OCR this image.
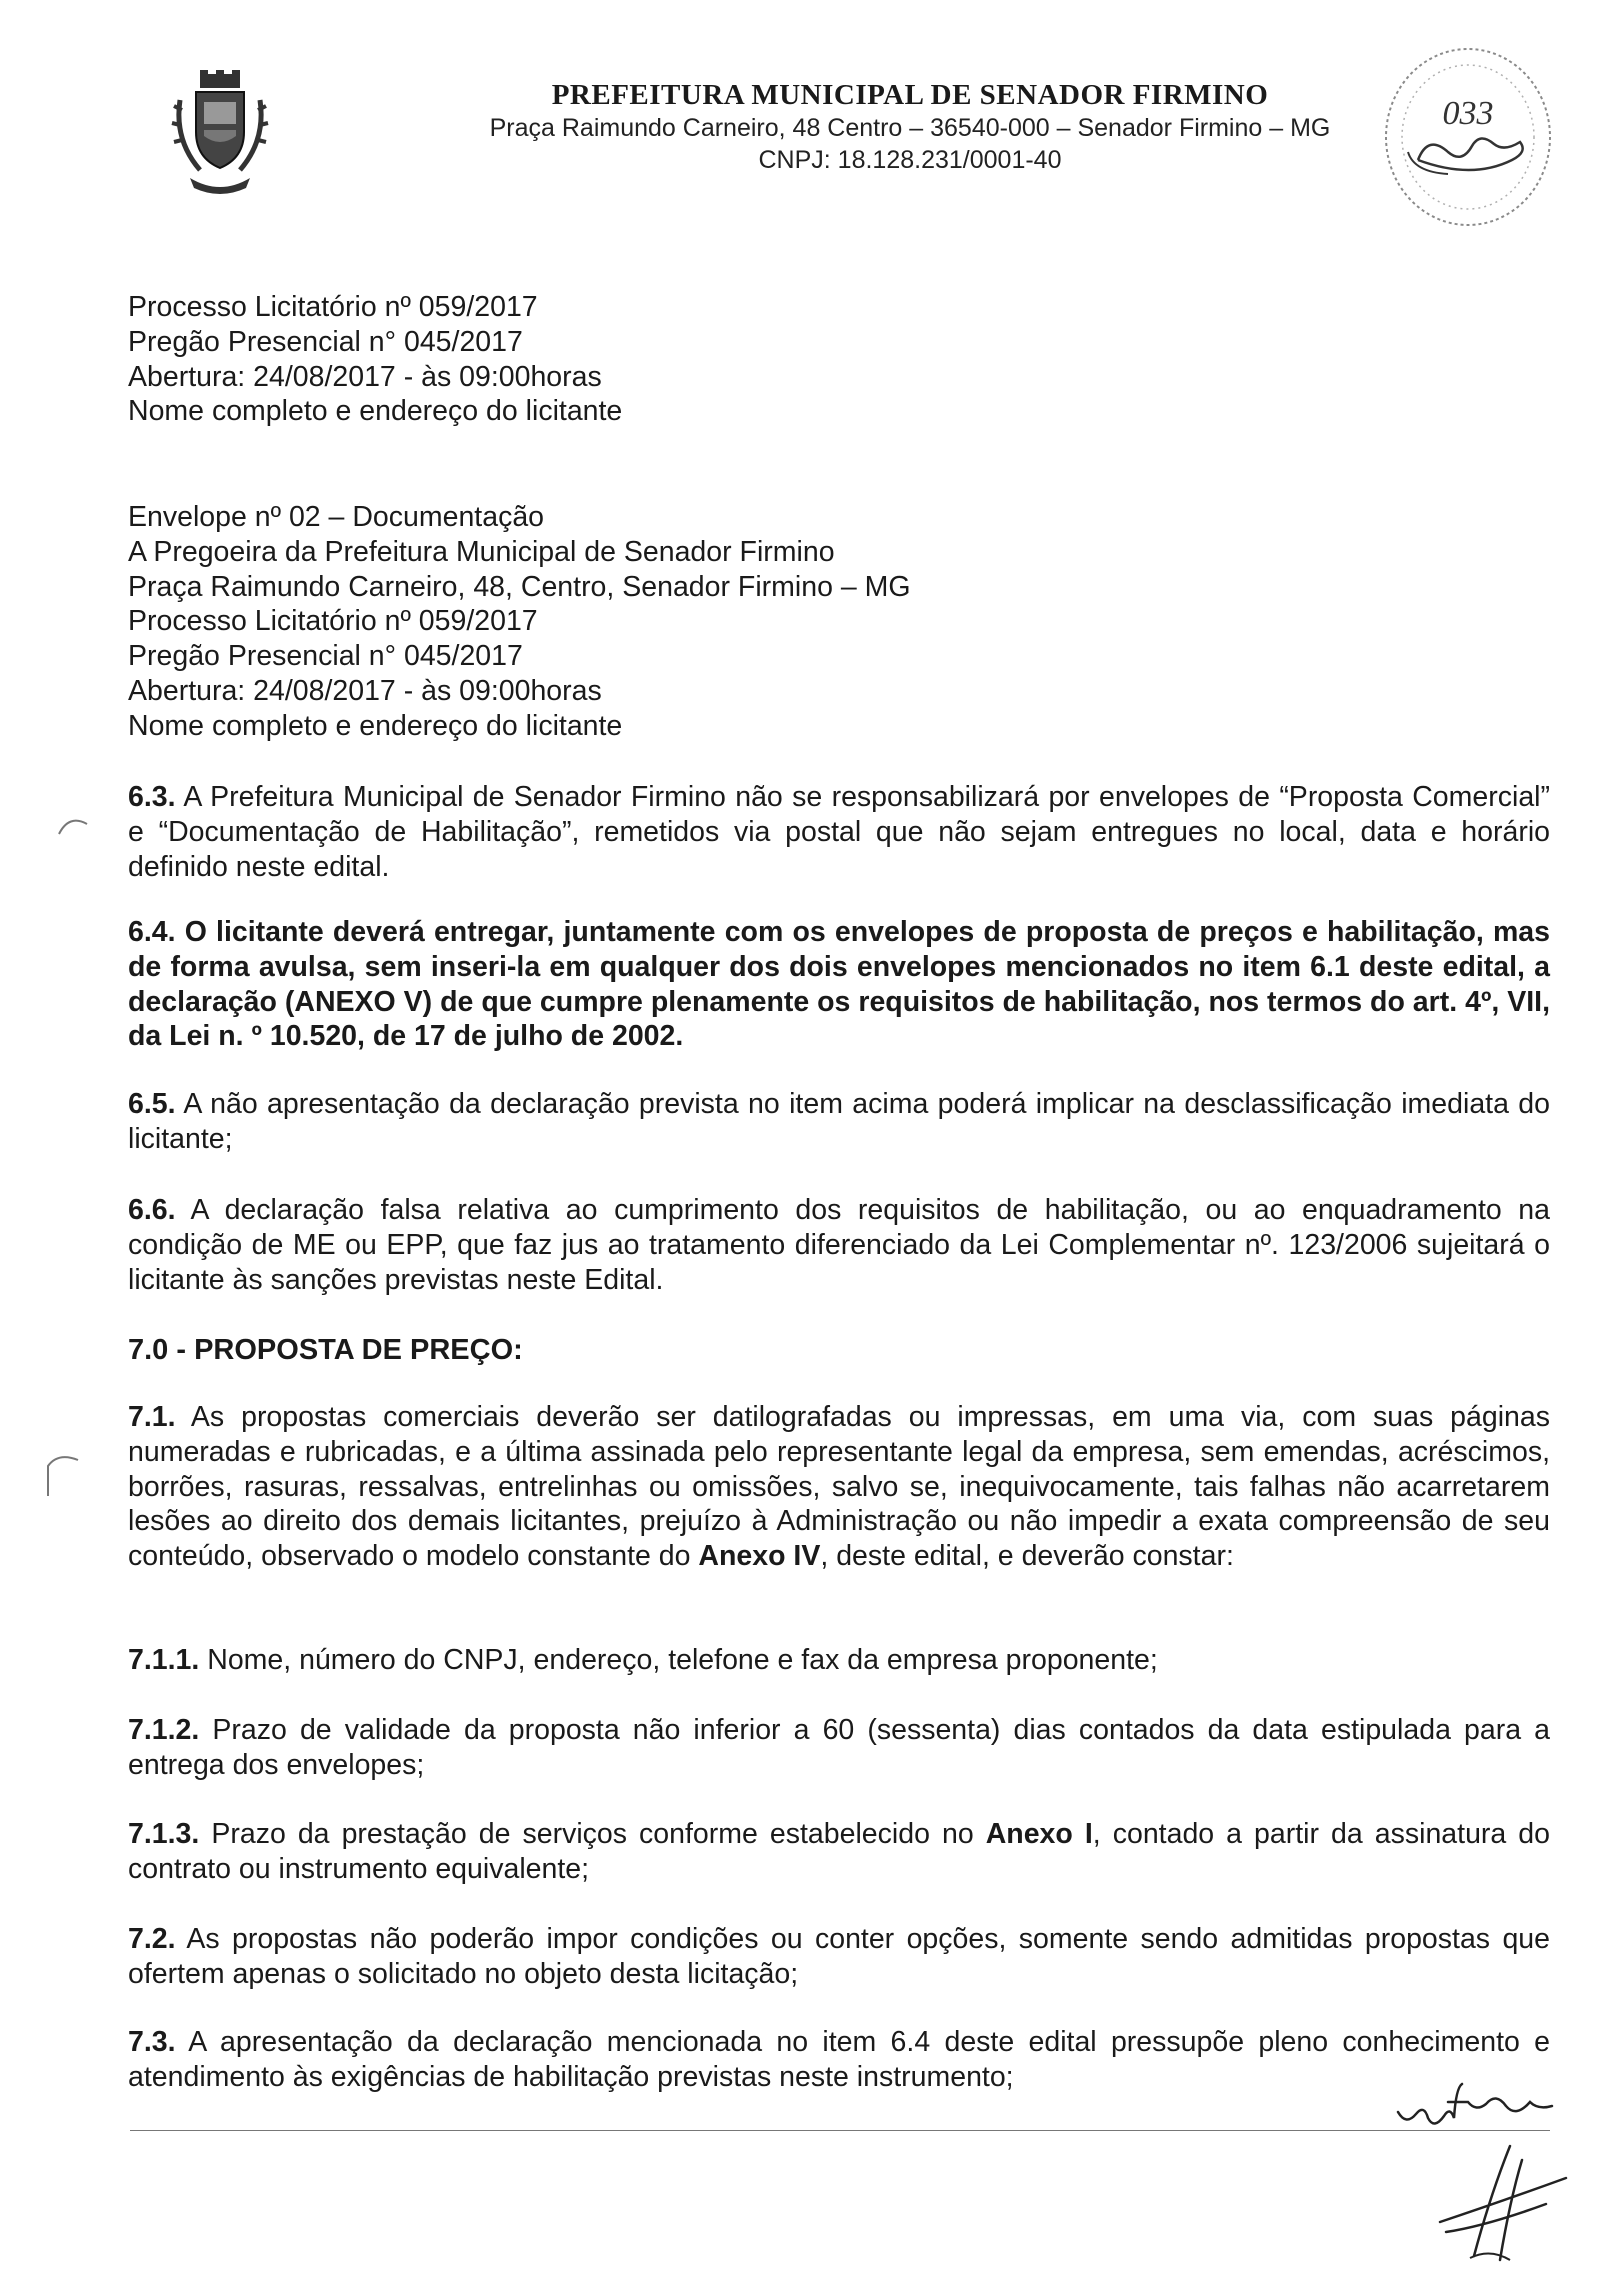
PREFEITURA MUNICIPAL DE SENADOR FIRMINO
Praça Raimundo Carneiro, 48 Centro – 36540-000 – Senador Firmino – MG
CNPJ: 18.128.231/0001-40
033

Processo Licitatório nº 059/2017

Pregão Presencial n° 045/2017

Abertura: 24/08/2017 - às 09:00horas

Nome completo e endereço do licitante

Envelope nº 02 – Documentação

A Pregoeira da Prefeitura Municipal de Senador Firmino

Praça Raimundo Carneiro, 48, Centro, Senador Firmino – MG

Processo Licitatório nº 059/2017

Pregão Presencial n° 045/2017

Abertura: 24/08/2017 - às 09:00horas

Nome completo e endereço do licitante

6.3. A Prefeitura Municipal de Senador Firmino não se responsabilizará por envelopes de “Proposta Comercial” e “Documentação de Habilitação”, remetidos via postal que não sejam entregues no local, data e horário definido neste edital.

6.4. O licitante deverá entregar, juntamente com os envelopes de proposta de preços e habilitação, mas de forma avulsa, sem inseri-la em qualquer dos dois envelopes mencionados no item 6.1 deste edital, a declaração (ANEXO V) de que cumpre plenamente os requisitos de habilitação, nos termos do art. 4º, VII, da Lei n. º 10.520, de 17 de julho de 2002.

6.5. A não apresentação da declaração prevista no item acima poderá implicar na desclassificação imediata do licitante;

6.6. A declaração falsa relativa ao cumprimento dos requisitos de habilitação, ou ao enquadramento na condição de ME ou EPP, que faz jus ao tratamento diferenciado da Lei Complementar nº. 123/2006 sujeitará o licitante às sanções previstas neste Edital.

7.0 - PROPOSTA DE PREÇO:

7.1. As propostas comerciais deverão ser datilografadas ou impressas, em uma via, com suas páginas numeradas e rubricadas, e a última assinada pelo representante legal da empresa, sem emendas, acréscimos, borrões, rasuras, ressalvas, entrelinhas ou omissões, salvo se, inequivocamente, tais falhas não acarretarem lesões ao direito dos demais licitantes, prejuízo à Administração ou não impedir a exata compreensão de seu conteúdo, observado o modelo constante do Anexo IV, deste edital, e deverão constar:

7.1.1. Nome, número do CNPJ, endereço, telefone e fax da empresa proponente;

7.1.2. Prazo de validade da proposta não inferior a 60 (sessenta) dias contados da data estipulada para a entrega dos envelopes;

7.1.3. Prazo da prestação de serviços conforme estabelecido no Anexo I, contado a partir da assinatura do contrato ou instrumento equivalente;

7.2. As propostas não poderão impor condições ou conter opções, somente sendo admitidas propostas que ofertem apenas o solicitado no objeto desta licitação;

7.3. A apresentação da declaração mencionada no item 6.4 deste edital pressupõe pleno conhecimento e atendimento às exigências de habilitação previstas neste instrumento;
